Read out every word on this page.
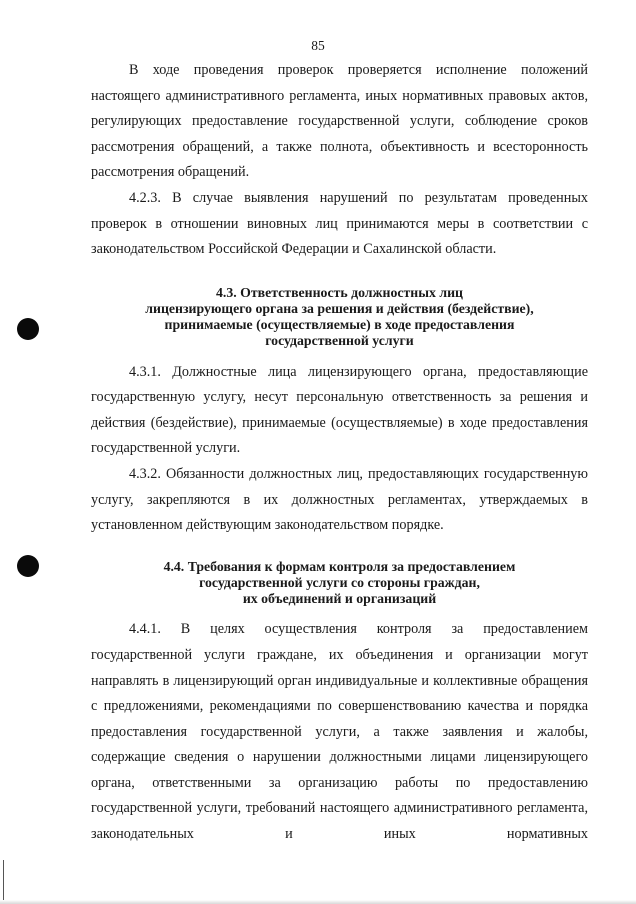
85

В ходе проведения проверок проверяется исполнение положений настоящего административного регламента, иных нормативных правовых актов, регулирующих предоставление государственной услуги, соблюдение сроков рассмотрения обращений, а также полнота, объективность и всесторонность рассмотрения обращений.

4.2.3. В случае выявления нарушений по результатам проведенных проверок в отношении виновных лиц принимаются меры в соответствии с законодательством Российской Федерации и Сахалинской области.

4.3. Ответственность должностных лиц
лицензирующего органа за решения и действия (бездействие),
принимаемые (осуществляемые) в ходе предоставления
государственной услуги

4.3.1. Должностные лица лицензирующего органа, предоставляющие государственную услугу, несут персональную ответственность за решения и действия (бездействие), принимаемые (осуществляемые) в ходе предоставления государственной услуги.

4.3.2. Обязанности должностных лиц, предоставляющих государственную услугу, закрепляются в их должностных регламентах, утверждаемых в установленном действующим законодательством порядке.

4.4. Требования к формам контроля за предоставлением
государственной услуги со стороны граждан,
их объединений и организаций

4.4.1. В целях осуществления контроля за предоставлением государственной услуги граждане, их объединения и организации могут направлять в лицензирующий орган индивидуальные и коллективные обращения с предложениями, рекомендациями по совершенствованию качества и порядка предоставления государственной услуги, а также заявления и жалобы, содержащие сведения о нарушении должностными лицами лицензирующего органа, ответственными за организацию работы по предоставлению государственной услуги, требований настоящего административного регламента, законодательных и иных нормативных
